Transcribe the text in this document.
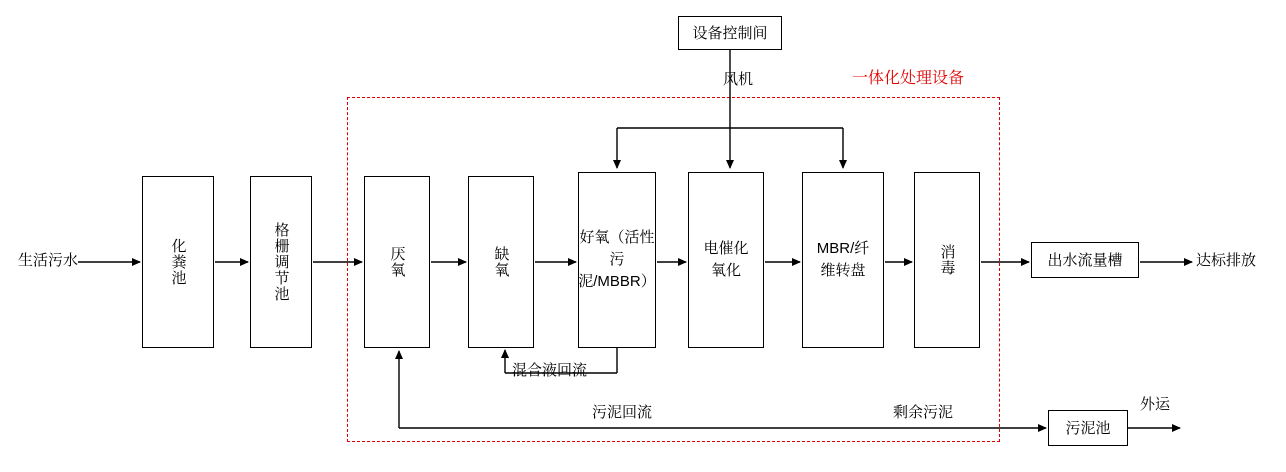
一体化处理设备
设备控制间
风机
生活污水	化粪池	格栅调节池	厌氧	缺氧
好氧（活性污泥/MBBR）
电催化氧化
MBR/纤维转盘	消毒	出水流量槽	达标排放
污泥池
外运
混合液回流
污泥回流	剩余污泥
